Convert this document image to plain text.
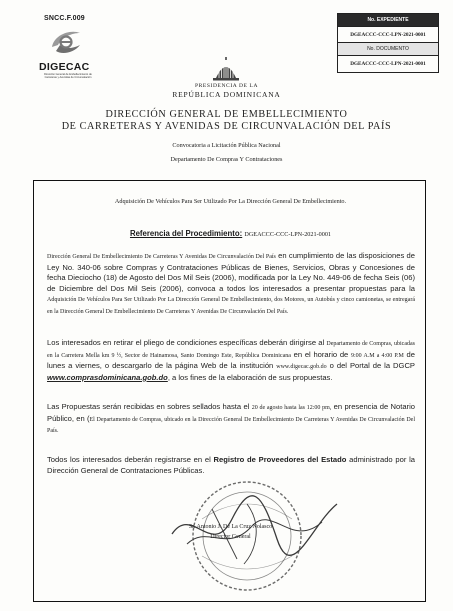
SNCC.F.009
DIGECAC
Dirección General de Embellecimiento de Carreteras y Avenidas de Circunvalación
No. EXPEDIENTE
DGEACCC-CCC-LPN-2021-0001
No. DOCUMENTO
DGEACCC-CCC-LPN-2021-0001
PRESIDENCIA DE LA
REPÚBLICA DOMINICANA
DIRECCIÓN GENERAL DE EMBELLECIMIENTO
DE CARRETERAS Y AVENIDAS DE CIRCUNVALACIÓN DEL PAÍS
Convocatoria a Licitación Pública Nacional
Departamento De Compras Y Contrataciones
Adquisición De Vehículos Para Ser Utilizado Por La Dirección General De Embellecimiento.
Referencia del Procedimiento: DGEACCC-CCC-LPN-2021-0001
Dirección General De Embellecimiento De Carreteras Y Avenidas De Circunvalación Del País en cumplimiento de las disposiciones de Ley No. 340-06 sobre Compras y Contrataciones Públicas de Bienes, Servicios, Obras y Concesiones de fecha Dieciocho (18) de Agosto del Dos Mil Seis (2006), modificada por la Ley No. 449-06 de fecha Seis (06) de Diciembre del Dos Mil Seis (2006), convoca a todos los interesados a presentar propuestas para la Adquisición De Vehículos Para Ser Utilizado Por La Dirección General De Embellecimiento, dos Motores, un Autobús y cinco camionetas, se entregará en la Dirección General De Embellecimiento De Carreteras Y Avenidas De Circunvalación Del País.
Los interesados en retirar el pliego de condiciones específicas deberán dirigirse al Departamento de Compras, ubicadas en la Carretera Mella km 9 ½, Sector de Hainamosa, Santo Domingo Este, República Dominicana en el horario de 9:00 A.M a 4:00 P.M de lunes a viernes, o descargarlo de la página Web de la institución www.digecac.gob.do o del Portal de la DGCP www.comprasdominicana.gob.do, a los fines de la elaboración de sus propuestas.
Las Propuestas serán recibidas en sobres sellados hasta el 20 de agosto hasta las 12:00 pm, en presencia de Notario Público, en (El Departamento de Compras, ubicado en la Dirección General De Embellecimiento De Carreteras Y Avenidas De Circunvalación Del País.
Todos los interesados deberán registrarse en el Registro de Proveedores del Estado administrado por la Dirección General de Contrataciones Públicas.
Sr. Antonio J. De La Cruz Nolasco
Director General
